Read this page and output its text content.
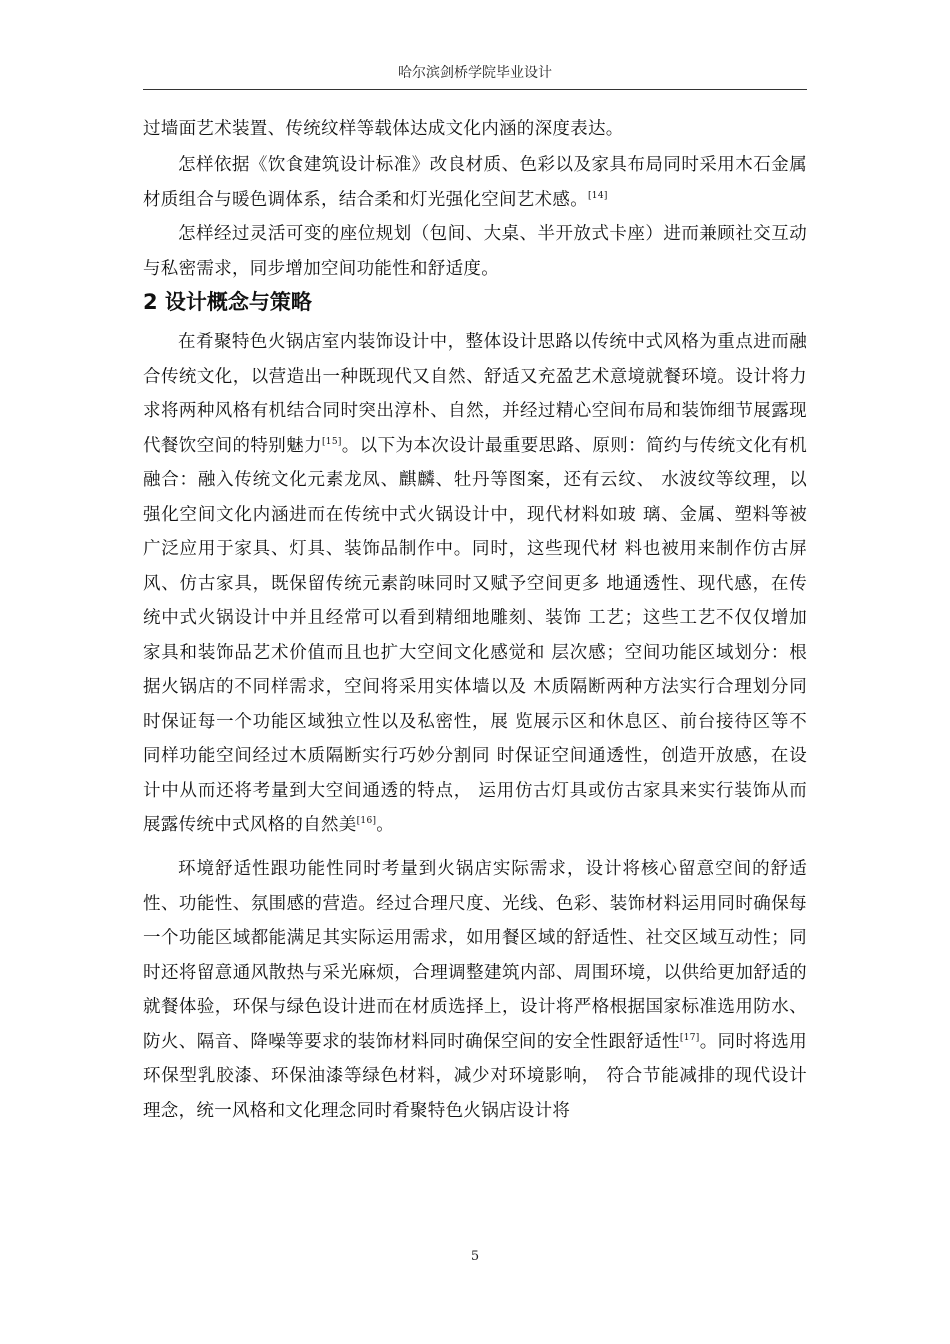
哈尔滨剑桥学院毕业设计

过墙面艺术装置、传统纹样等载体达成文化内涵的深度表达。

怎样依据《饮食建筑设计标准》改良材质、色彩以及家具布局同时采用木石金属材质组合与暖色调体系，结合柔和灯光强化空间艺术感。[14]

怎样经过灵活可变的座位规划（包间、大桌、半开放式卡座）进而兼顾社交互动与私密需求，同步增加空间功能性和舒适度。

2 设计概念与策略

在肴聚特色火锅店室内装饰设计中，整体设计思路以传统中式风格为重点进而融合传统文化，以营造出一种既现代又自然、舒适又充盈艺术意境就餐环境。设计将力求将两种风格有机结合同时突出淳朴、自然，并经过精心空间布局和装饰细节展露现代餐饮空间的特别魅力[15]。以下为本次设计最重要思路、原则：简约与传统文化有机融合：融入传统文化元素龙凤、麒麟、牡丹等图案，还有云纹、 水波纹等纹理，以强化空间文化内涵进而在传统中式火锅设计中，现代材料如玻 璃、金属、塑料等被广泛应用于家具、灯具、装饰品制作中。同时，这些现代材 料也被用来制作仿古屏风、仿古家具，既保留传统元素韵味同时又赋予空间更多 地通透性、现代感，在传统中式火锅设计中并且经常可以看到精细地雕刻、装饰 工艺；这些工艺不仅仅增加家具和装饰品艺术价值而且也扩大空间文化感觉和 层次感；空间功能区域划分：根据火锅店的不同样需求，空间将采用实体墙以及 木质隔断两种方法实行合理划分同时保证每一个功能区域独立性以及私密性，展 览展示区和休息区、前台接待区等不同样功能空间经过木质隔断实行巧妙分割同 时保证空间通透性，创造开放感，在设计中从而还将考量到大空间通透的特点， 运用仿古灯具或仿古家具来实行装饰从而展露传统中式风格的自然美[16]。

环境舒适性跟功能性同时考量到火锅店实际需求，设计将核心留意空间的舒适性、功能性、氛围感的营造。经过合理尺度、光线、色彩、装饰材料运用同时确保每一个功能区域都能满足其实际运用需求，如用餐区域的舒适性、社交区域互动性；同时还将留意通风散热与采光麻烦，合理调整建筑内部、周围环境，以供给更加舒适的就餐体验，环保与绿色设计进而在材质选择上，设计将严格根据国家标准选用防水、防火、隔音、降噪等要求的装饰材料同时确保空间的安全性跟舒适性[17]。同时将选用环保型乳胶漆、环保油漆等绿色材料，减少对环境影响， 符合节能减排的现代设计理念，统一风格和文化理念同时肴聚特色火锅店设计将

5
